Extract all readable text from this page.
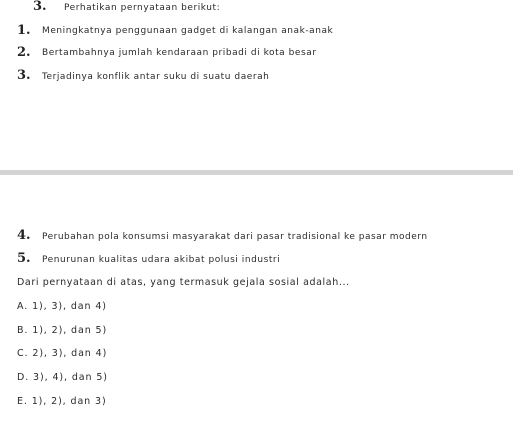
3. Perhatikan pernyataan berikut:
1. Meningkatnya penggunaan gadget di kalangan anak-anak
2. Bertambahnya jumlah kendaraan pribadi di kota besar
3. Terjadinya konflik antar suku di suatu daerah
4. Perubahan pola konsumsi masyarakat dari pasar tradisional ke pasar modern
5. Penurunan kualitas udara akibat polusi industri
Dari pernyataan di atas, yang termasuk gejala sosial adalah...
A. 1), 3), dan 4)
B. 1), 2), dan 5)
C. 2), 3), dan 4)
D. 3), 4), dan 5)
E. 1), 2), dan 3)
